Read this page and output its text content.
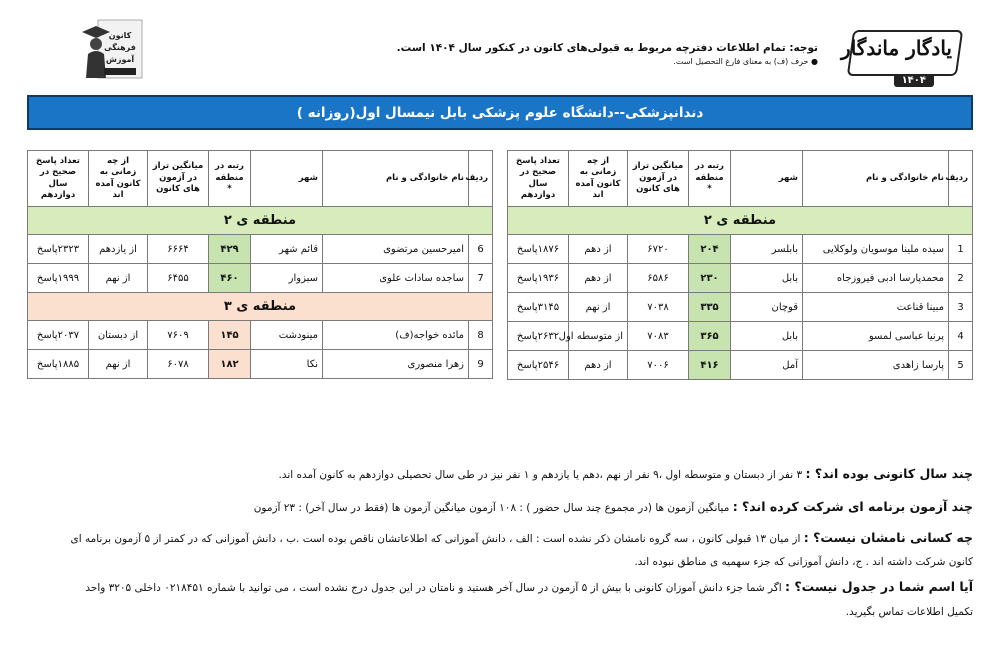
یادگار ماندگار
۱۴۰۴
توجه: تمام اطلاعات دفترچه مربوط به قبولی‌های کانون در کنکور سال ۱۴۰۴ است.
● حرف (ف) به معنای فارغ التحصیل است.
کانون
فرهنگی
آموزش
دندانپزشکی--دانشگاه علوم پزشکی بابل نیمسال اول(روزانه )
ردیف	نام خانوادگی و نام	شهر	رتبه در منطقه *	میانگین تراز در آزمون های کانون	از چه زمانی به کانون آمده اند	تعداد پاسخ صحیح در سال دوازدهم
منطقه ی ۲						
1	سیده ملینا موسویان ولوکلایی	بابلسر	۲۰۴	۶۷۲۰	از دهم	۱۸۷۶پاسخ
2	محمدپارسا ادبی فیروزجاه	بابل	۲۳۰	۶۵۸۶	از دهم	۱۹۳۶پاسخ
3	مبینا قناعت	قوچان	۳۳۵	۷۰۳۸	از نهم	۳۱۴۵پاسخ
4	پرنیا عباسی لمسو	بابل	۳۶۵	۷۰۸۳	از متوسطه اول	۲۶۳۲پاسخ
5	پارسا زاهدی	آمل	۴۱۶	۷۰۰۶	از دهم	۲۵۴۶پاسخ
ردیف	نام خانوادگی و نام	شهر	رتبه در منطقه *	میانگین تراز در آزمون های کانون	از چه زمانی به کانون آمده اند	تعداد پاسخ صحیح در سال دوازدهم
منطقه ی ۲						
6	امیرحسین مرتضوی	قائم شهر	۴۲۹	۶۶۶۴	از یازدهم	۲۳۲۳پاسخ
7	ساجده سادات علوی	سبزوار	۴۶۰	۶۴۵۵	از نهم	۱۹۹۹پاسخ
منطقه ی ۳						
8	مائده خواجه(ف)	مینودشت	۱۴۵	۷۶۰۹	از دبستان	۲۰۳۷پاسخ
9	زهرا منصوری	نکا	۱۸۲	۶۰۷۸	از نهم	۱۸۸۵پاسخ
چند سال کانونی بوده اند؟ : ۳ نفر از دبستان و متوسطه اول ،۹ نفر از نهم ،دهم یا یازدهم و ۱ نفر نیز در طی سال تحصیلی دوازدهم به کانون آمده اند.
چند آزمون برنامه ای شرکت کرده اند؟ : میانگین آزمون ها (در مجموع چند سال حضور ) : ۱۰۸ آزمون میانگین آزمون ها (فقط در سال آخر) : ۲۳ آزمون
چه کسانی نامشان نیست؟ : از میان ۱۳ قبولی کانون ، سه گروه نامشان ذکر نشده است : الف ، دانش آموزانی که اطلاعاتشان ناقص بوده است .ب ، دانش آموزانی که در کمتر از ۵ آزمون برنامه ای
کانون شرکت داشته اند . ج، دانش آموزانی که جزء سهمیه ی مناطق نبوده اند.
آیا اسم شما در جدول نیست؟ : اگر شما جزء دانش آموزان کانونی با بیش از ۵ آزمون در سال آخر هستید و نامتان در این جدول درج نشده است ، می توانید با شماره ۰۲۱۸۴۵۱ داخلی ۳۲۰۵ واحد
تکمیل اطلاعات تماس بگیرید.
